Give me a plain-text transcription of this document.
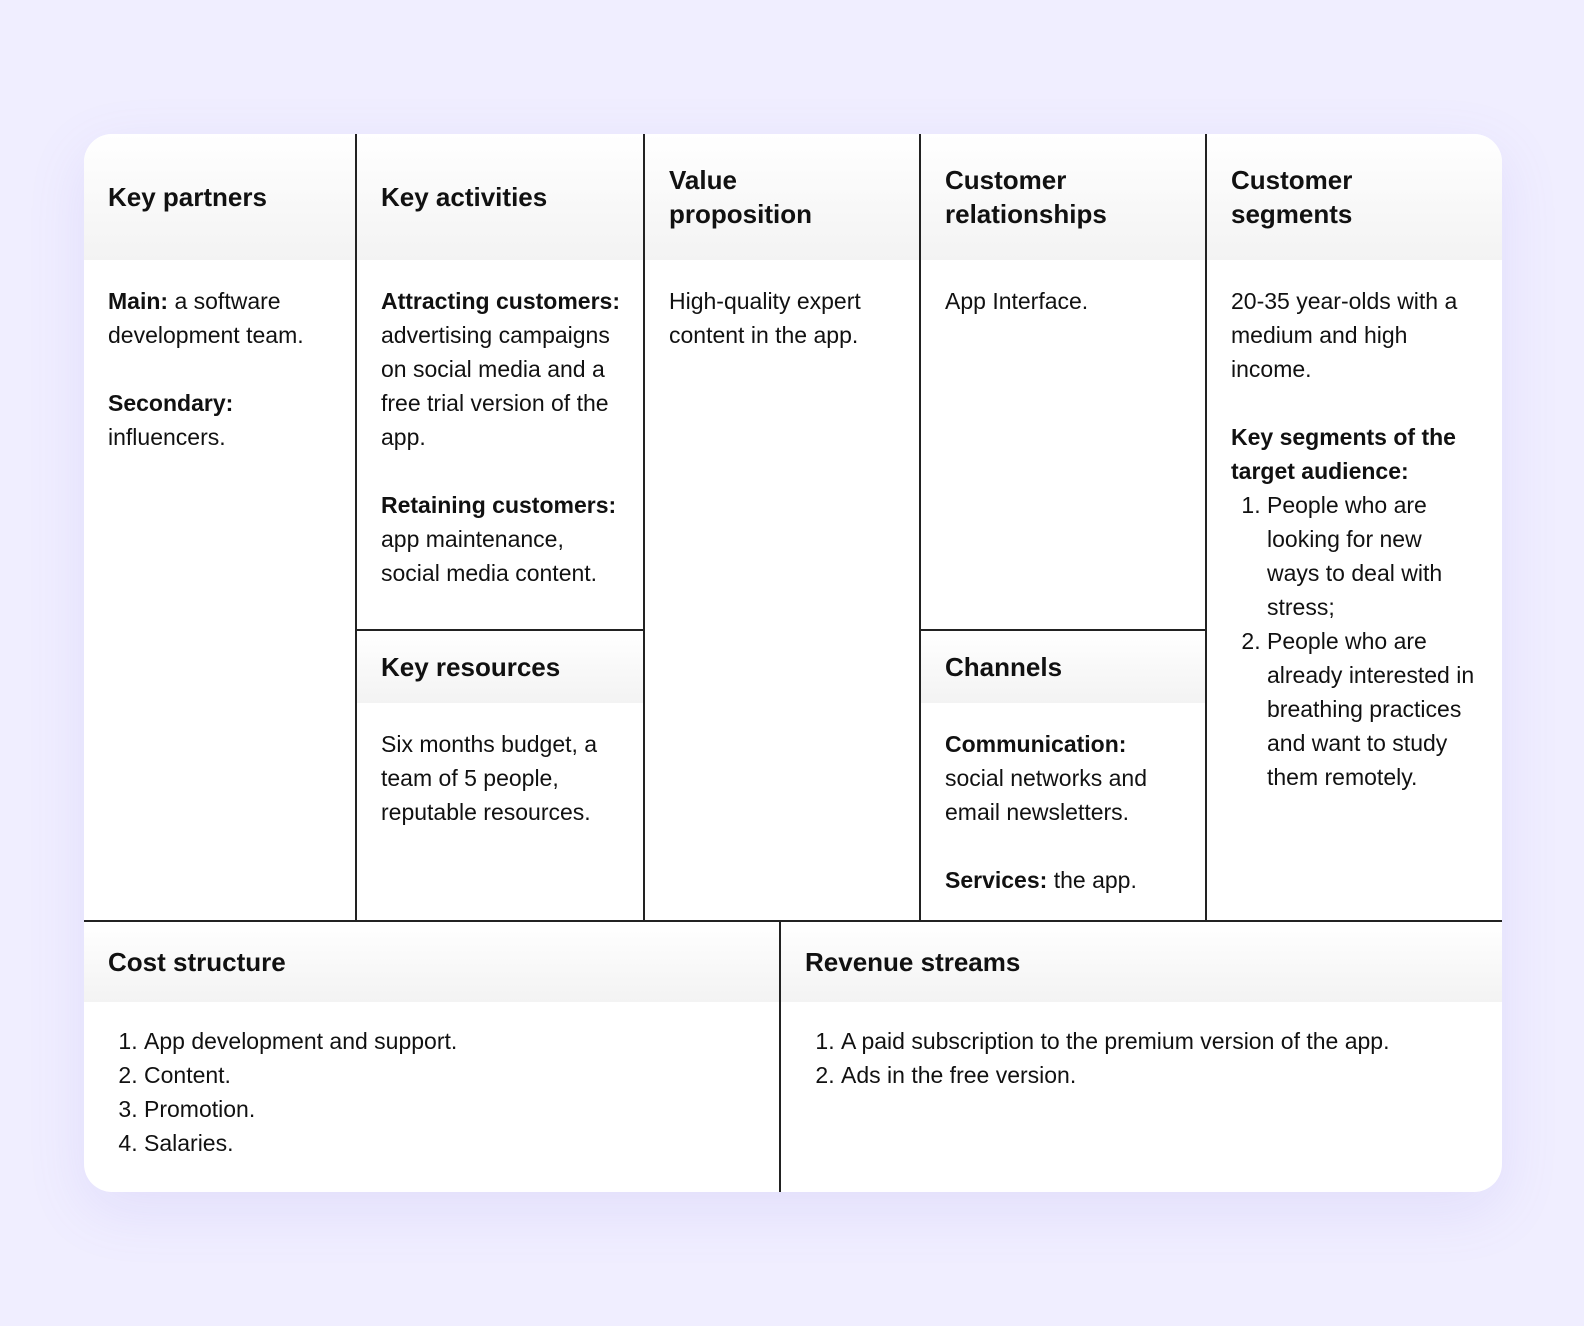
Key partners

Main: a software development team.

Secondary: influencers.

Key activities

Attracting customers: advertising campaigns on social media and a free trial version of the app.

Retaining customers: app maintenance, social media content.

Key resources

Six months budget, a team of 5 people, reputable resources.

Value proposition

High-quality expert content in the app.

Customer relationships

App Interface.

Channels

Communication: social networks and email newsletters.

Services: the app.

Customer segments

20-35 year-olds with a medium and high income.

Key segments of the target audience:

1. People who are looking for new ways to deal with stress;
2. People who are already interested in breathing practices and want to study them remotely.
Cost structure
1. App development and support.
2. Content.
3. Promotion.
4. Salaries.
Revenue streams
1. A paid subscription to the premium version of the app.
2. Ads in the free version.
